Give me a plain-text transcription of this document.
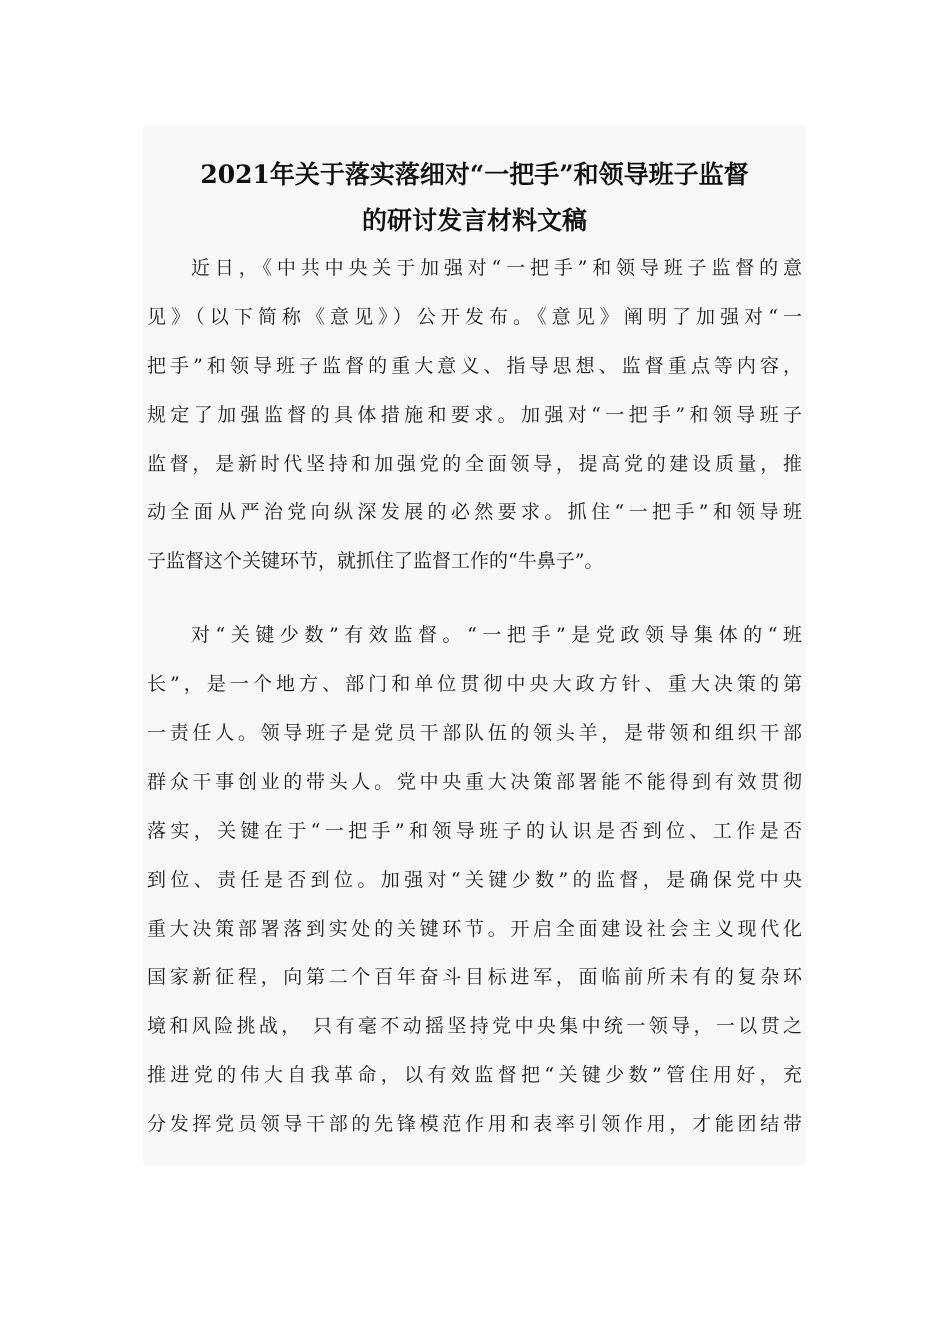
2021年关于落实落细对“一把手”和领导班子监督
的研讨发言材料文稿

近日，《中共中央关于加强对“一把手”和领导班子监督的意
见》（以下简称《意见》）公开发布。《意见》阐明了加强对“一
把手”和领导班子监督的重大意义、指导思想、监督重点等内容，
规定了加强监督的具体措施和要求。加强对“一把手”和领导班子
监督，是新时代坚持和加强党的全面领导，提高党的建设质量，推
动全面从严治党向纵深发展的必然要求。抓住“一把手”和领导班
子监督这个关键环节，就抓住了监督工作的“牛鼻子”。

对“关键少数”有效监督。“一把手”是党政领导集体的“班
长”，是一个地方、部门和单位贯彻中央大政方针、重大决策的第
一责任人。领导班子是党员干部队伍的领头羊，是带领和组织干部
群众干事创业的带头人。党中央重大决策部署能不能得到有效贯彻
落实，关键在于“一把手”和领导班子的认识是否到位、工作是否
到位、责任是否到位。加强对“关键少数”的监督，是确保党中央
重大决策部署落到实处的关键环节。开启全面建设社会主义现代化
国家新征程，向第二个百年奋斗目标进军，面临前所未有的复杂环
境和风险挑战， 只有毫不动摇坚持党中央集中统一领导，一以贯之
推进党的伟大自我革命，以有效监督把“关键少数”管住用好，充
分发挥党员领导干部的先锋模范作用和表率引领作用，才能团结带
